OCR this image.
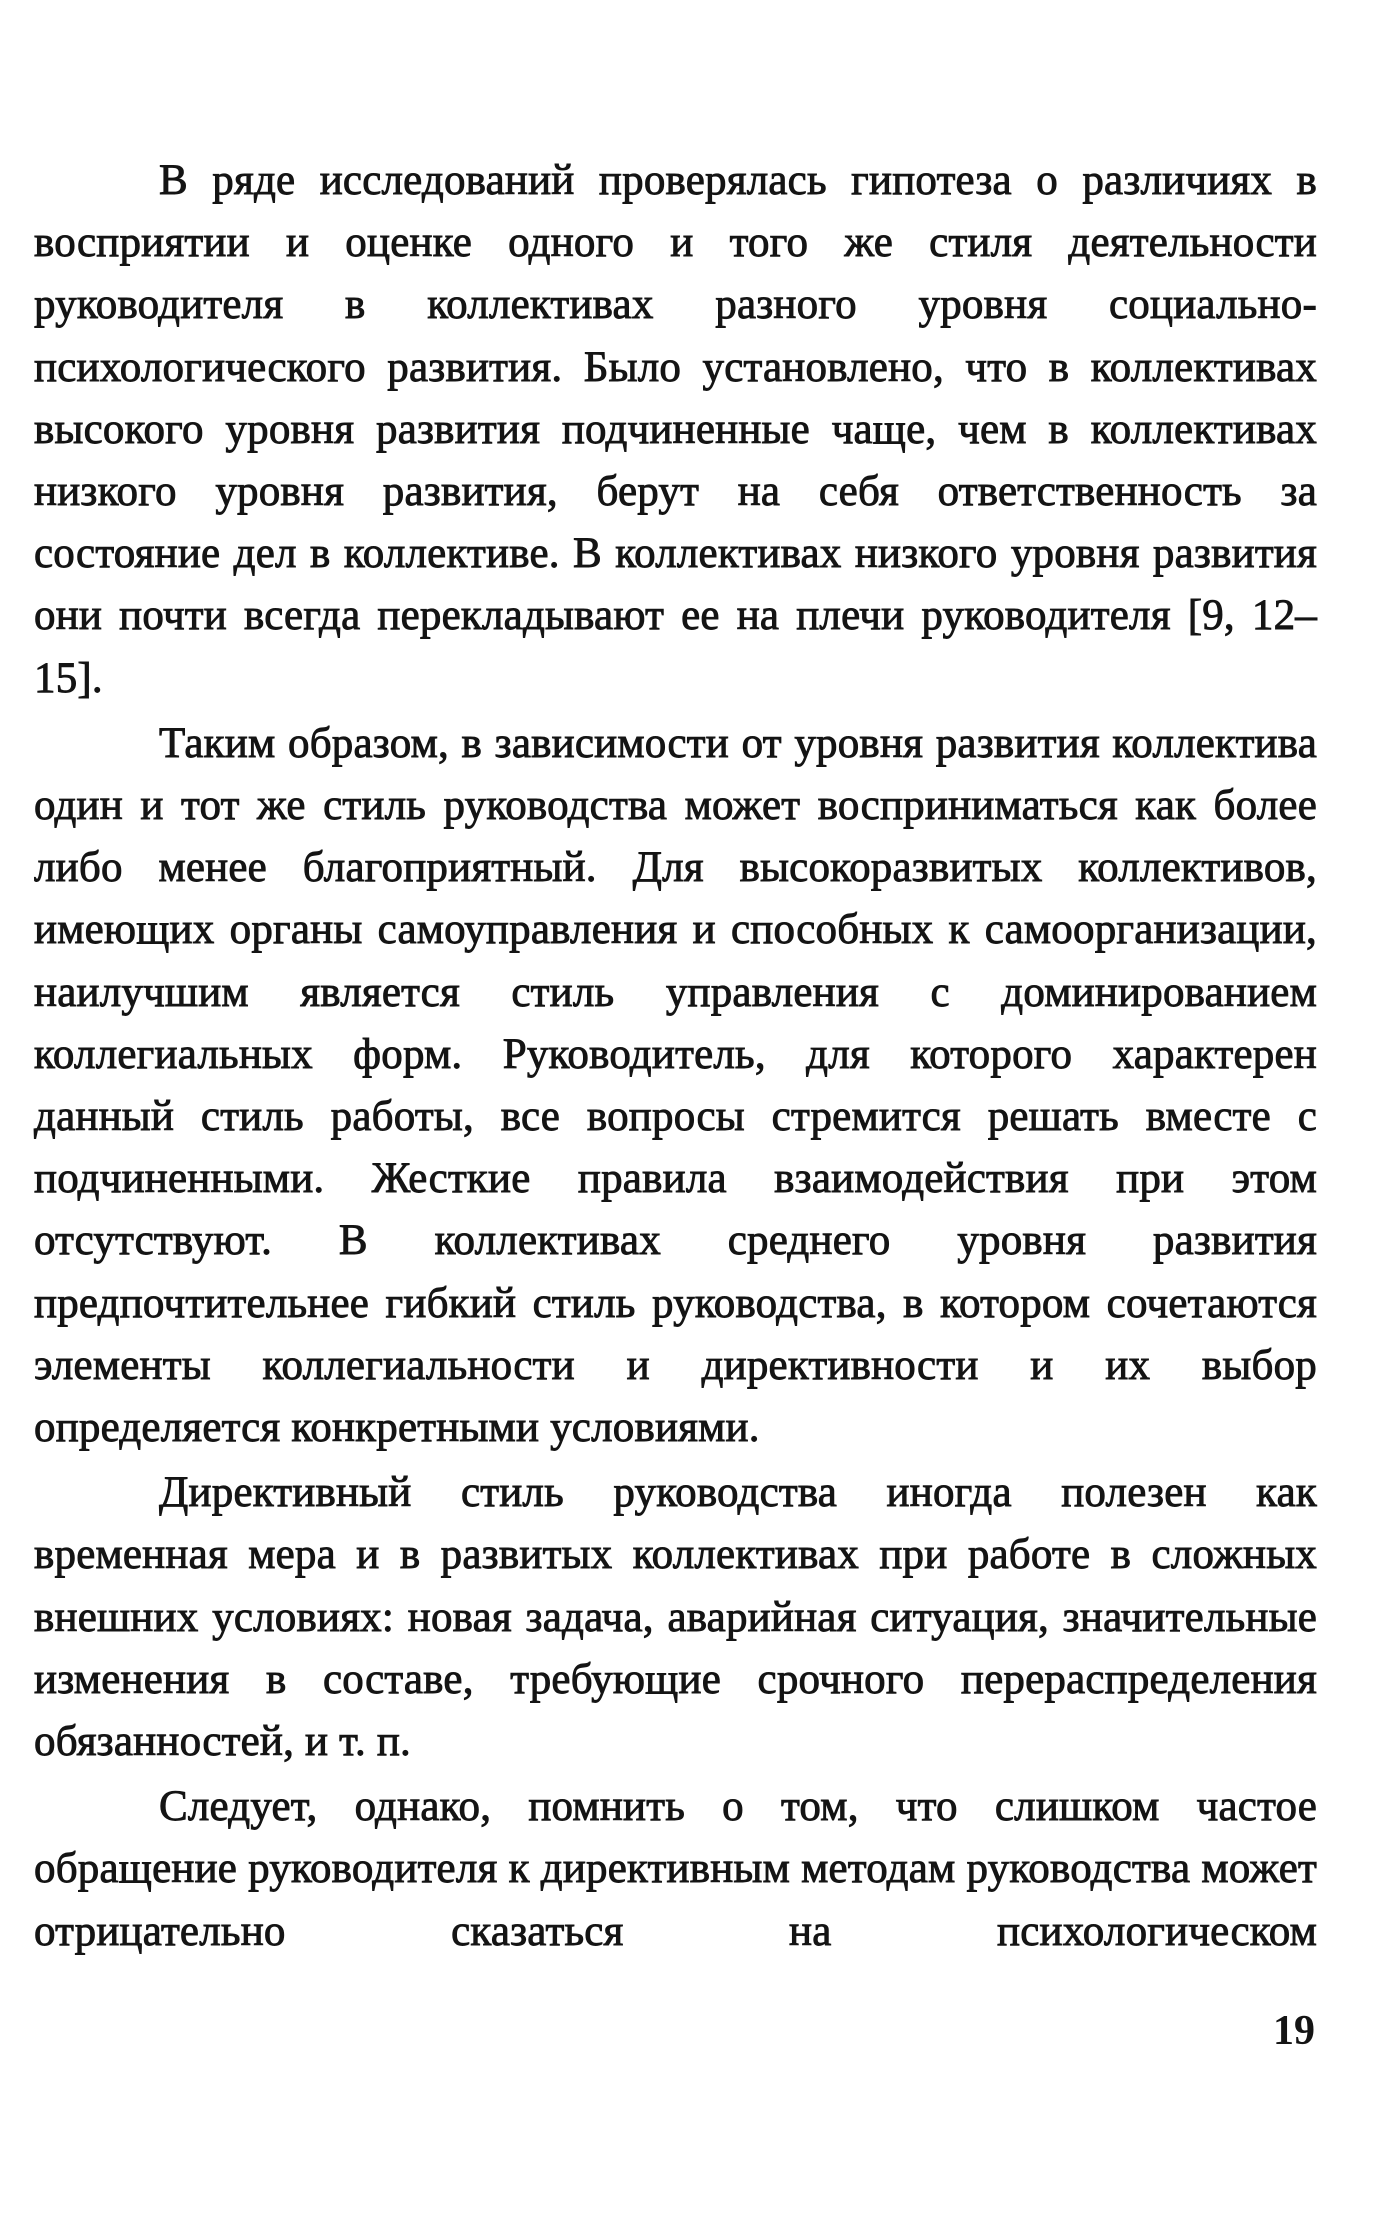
В ряде исследований проверялась гипотеза о различиях в восприятии и оценке одного и того же стиля деятельности руководителя в коллективах разного уровня социально-психологического развития. Было установлено, что в коллективах высокого уровня развития подчиненные чаще, чем в коллективах низкого уровня развития, берут на себя ответственность за состояние дел в коллективе. В коллективах низкого уровня развития они почти всегда перекладывают ее на плечи руководителя [9, 12–15].

Таким образом, в зависимости от уровня развития коллектива один и тот же стиль руководства может восприниматься как более либо менее благоприятный. Для высокоразвитых коллективов, имеющих органы самоуправления и способных к самоорганизации, наилучшим является стиль управления с доминированием коллегиальных форм. Руководитель, для которого характерен данный стиль работы, все вопросы стремится решать вместе с подчиненными. Жесткие правила взаимодействия при этом отсутствуют. В коллективах среднего уровня развития предпочтительнее гибкий стиль руководства, в котором сочетаются элементы коллегиальности и директивности и их выбор определяется конкретными условиями.

Директивный стиль руководства иногда полезен как временная мера и в развитых коллективах при работе в сложных внешних условиях: новая задача, аварийная ситуация, значительные изменения в составе, требующие срочного перераспределения обязанностей, и т. п.

Следует, однако, помнить о том, что слишком частое обращение руководителя к директивным методам руководства может отрицательно сказаться на психологическом

19
